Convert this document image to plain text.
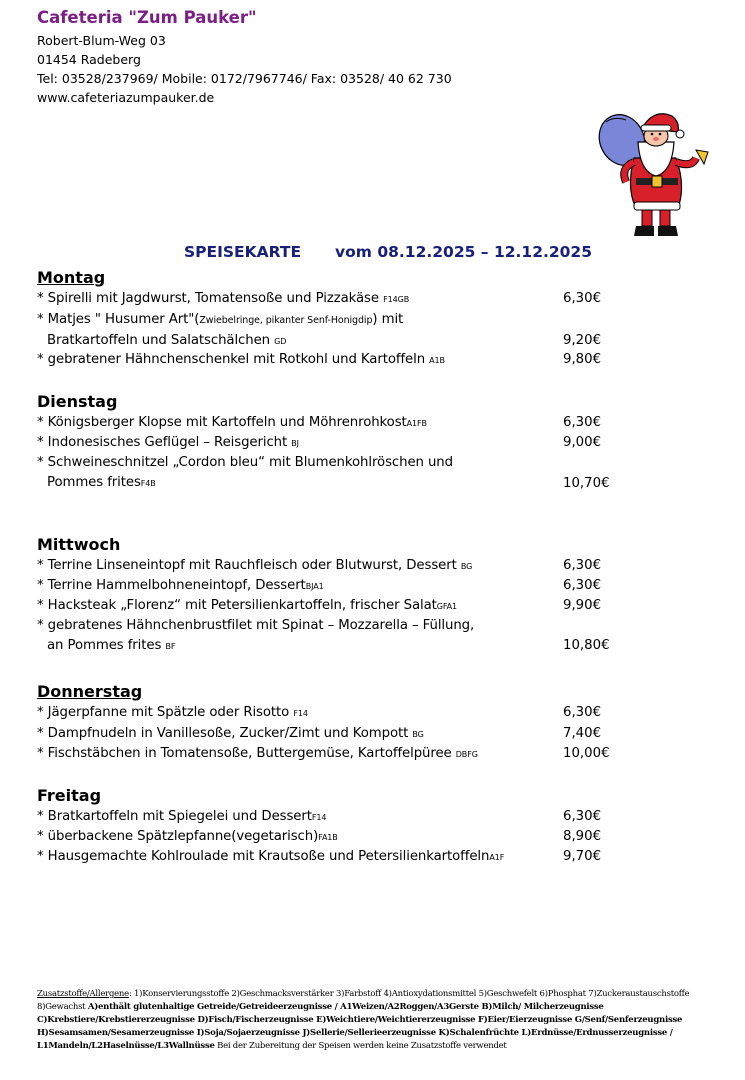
Cafeteria "Zum Pauker"
Robert-Blum-Weg 03
01454 Radeberg
Tel: 03528/237969/ Mobile: 0172/7967746/ Fax: 03528/ 40 62 730
www.cafeteriazumpauker.de
SPEISEKARTE vom 08.12.2025 – 12.12.2025
Montag
* Spirelli mit Jagdwurst, Tomatensoße und Pizzakäse F14GB	6,30€
* Matjes " Husumer Art"(Zwiebelringe, pikanter Senf-Honigdip) mit
Bratkartoffeln und Salatschälchen GD	9,20€
* gebratener Hähnchenschenkel mit Rotkohl und Kartoffeln A1B	9,80€
Dienstag
* Königsberger Klopse mit Kartoffeln und MöhrenrohkostA1FB	6,30€
* Indonesisches Geflügel – Reisgericht BJ	9,00€
* Schweineschnitzel „Cordon bleu“ mit Blumenkohlröschen und
Pommes fritesF4B	10,70€
Mittwoch
* Terrine Linseneintopf mit Rauchfleisch oder Blutwurst, Dessert BG	6,30€
* Terrine Hammelbohneneintopf, DessertBJA1	6,30€
* Hacksteak „Florenz“ mit Petersilienkartoffeln, frischer SalatGFA1	9,90€
* gebratenes Hähnchenbrustfilet mit Spinat – Mozzarella – Füllung,
an Pommes frites BF	10,80€
Donnerstag
* Jägerpfanne mit Spätzle oder Risotto F14	6,30€
* Dampfnudeln in Vanillesoße, Zucker/Zimt und Kompott BG	7,40€
* Fischstäbchen in Tomatensoße, Buttergemüse, Kartoffelpüree DBFG	10,00€
Freitag
* Bratkartoffeln mit Spiegelei und DessertF14	6,30€
* überbackene Spätzlepfanne(vegetarisch)FA1B	8,90€
* Hausgemachte Kohlroulade mit Krautsoße und PetersilienkartoffelnA1F	9,70€
Zusatzstoffe/Allergene: 1)Konservierungsstoffe 2)Geschmacksverstärker 3)Farbstoff 4)Antioxydationsmittel 5)Geschwefelt 6)Phosphat 7)Zuckeraustauschstoffe 8)Gewachst A)enthält glutenhaltige Getreide/Getreideerzeugnisse / A1Weizen/A2Roggen/A3Gerste B)Milch/ Milcherzeugnisse C)Krebstiere/Krebstiererzeugnisse D)Fisch/Fischerzeugnisse E)Weichtiere/Weichtiererzeugnisse F)Eier/Eierzeugnisse G/Senf/Senferzeugnisse H)Sesamsamen/Sesamerzeugnisse I)Soja/Sojaerzeugnisse J)Sellerie/Sellerieerzeugnisse K)Schalenfrüchte L)Erdnüsse/Erdnusserzeugnisse / L1Mandeln/L2Haselnüsse/L3Wallnüsse Bei der Zubereitung der Speisen werden keine Zusatzstoffe verwendet
